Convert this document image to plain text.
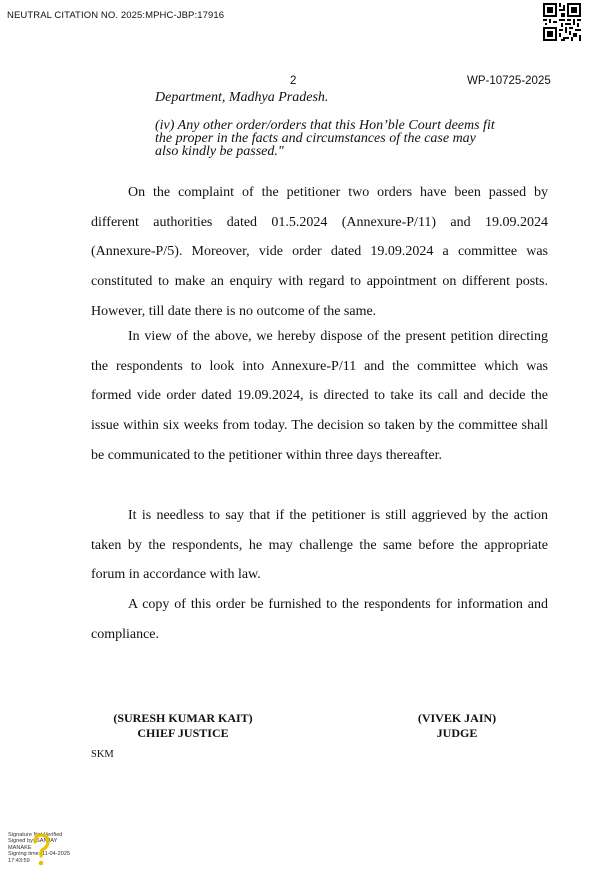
NEUTRAL CITATION NO. 2025:MPHC-JBP:17916
2	WP-10725-2025
Department, Madhya Pradesh.
(iv) Any other order/orders that this Hon’ble Court deems fit the proper in the facts and circumstances of the case may also kindly be passed."
On the complaint of the petitioner two orders have been passed by different authorities dated 01.5.2024 (Annexure-P/11) and 19.09.2024 (Annexure-P/5). Moreover, vide order dated 19.09.2024 a committee was constituted to make an enquiry with regard to appointment on different posts. However, till date there is no outcome of the same.
In view of the above, we hereby dispose of the present petition directing the respondents to look into Annexure-P/11 and the committee which was formed vide order dated 19.09.2024, is directed to take its call and decide the issue within six weeks from today. The decision so taken by the committee shall be communicated to the petitioner within three days thereafter.
It is needless to say that if the petitioner is still aggrieved by the action taken by the respondents, he may challenge the same before the appropriate forum in accordance with law.
A copy of this order be furnished to the respondents for information and compliance.
(SURESH KUMAR KAIT)
CHIEF JUSTICE
(VIVEK JAIN)
JUDGE
SKM
Signature Not Verified
Signed by: SANJAY
MANAKE
Signing time: 11-04-2025
17:43:59
